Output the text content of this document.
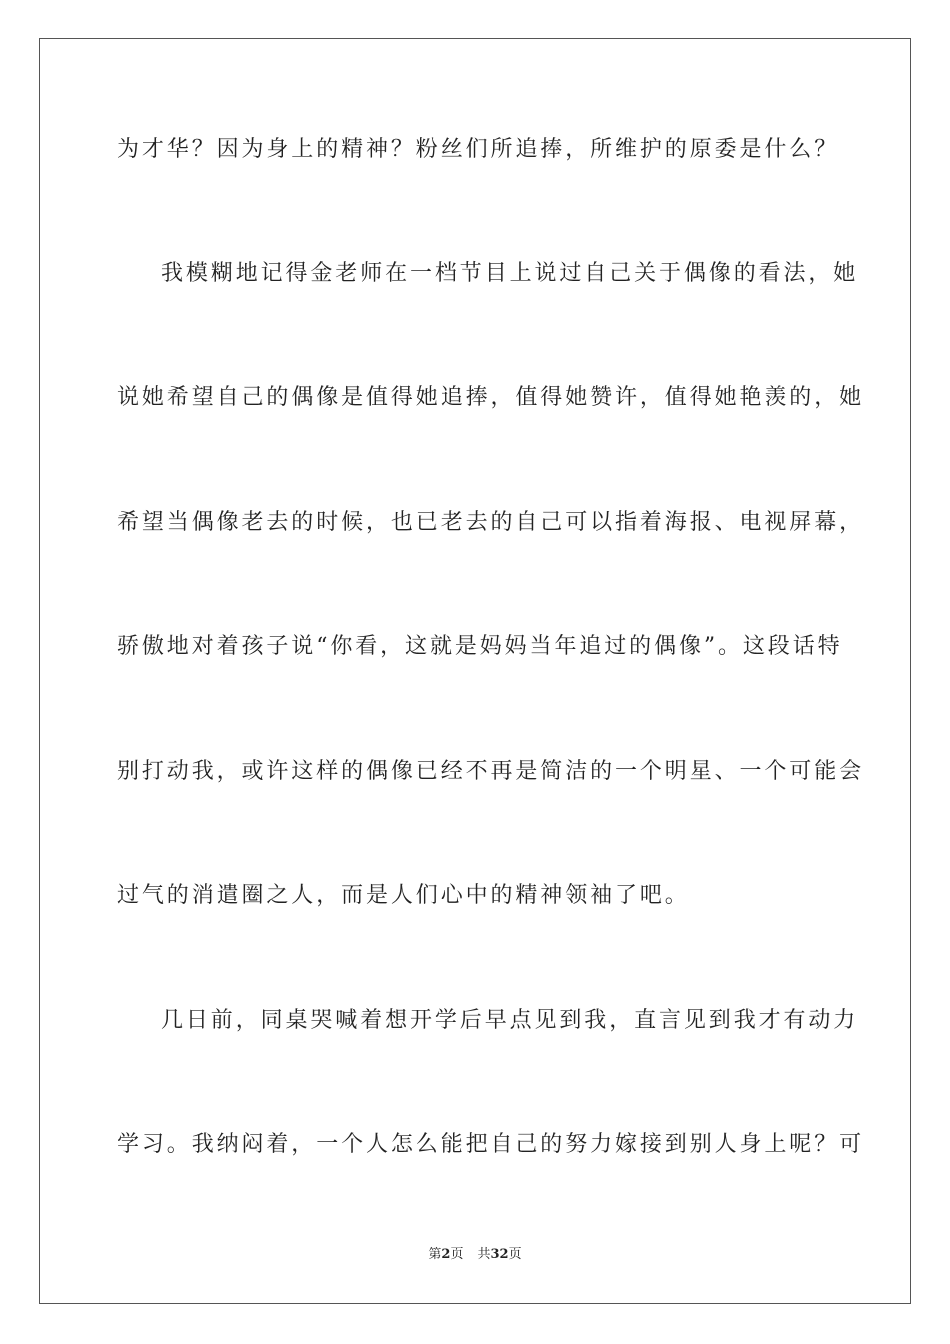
为才华？因为身上的精神？粉丝们所追捧，所维护的原委是什么？
我模糊地记得金老师在一档节目上说过自己关于偶像的看法，她
说她希望自己的偶像是值得她追捧，值得她赞许，值得她艳羡的，她
希望当偶像老去的时候，也已老去的自己可以指着海报、电视屏幕，
骄傲地对着孩子说“你看，这就是妈妈当年追过的偶像”。这段话特
别打动我，或许这样的偶像已经不再是简洁的一个明星、一个可能会
过气的消遣圈之人，而是人们心中的精神领袖了吧。
几日前，同桌哭喊着想开学后早点见到我，直言见到我才有动力
学习。我纳闷着，一个人怎么能把自己的努力嫁接到别人身上呢？可
第2页 共32页
